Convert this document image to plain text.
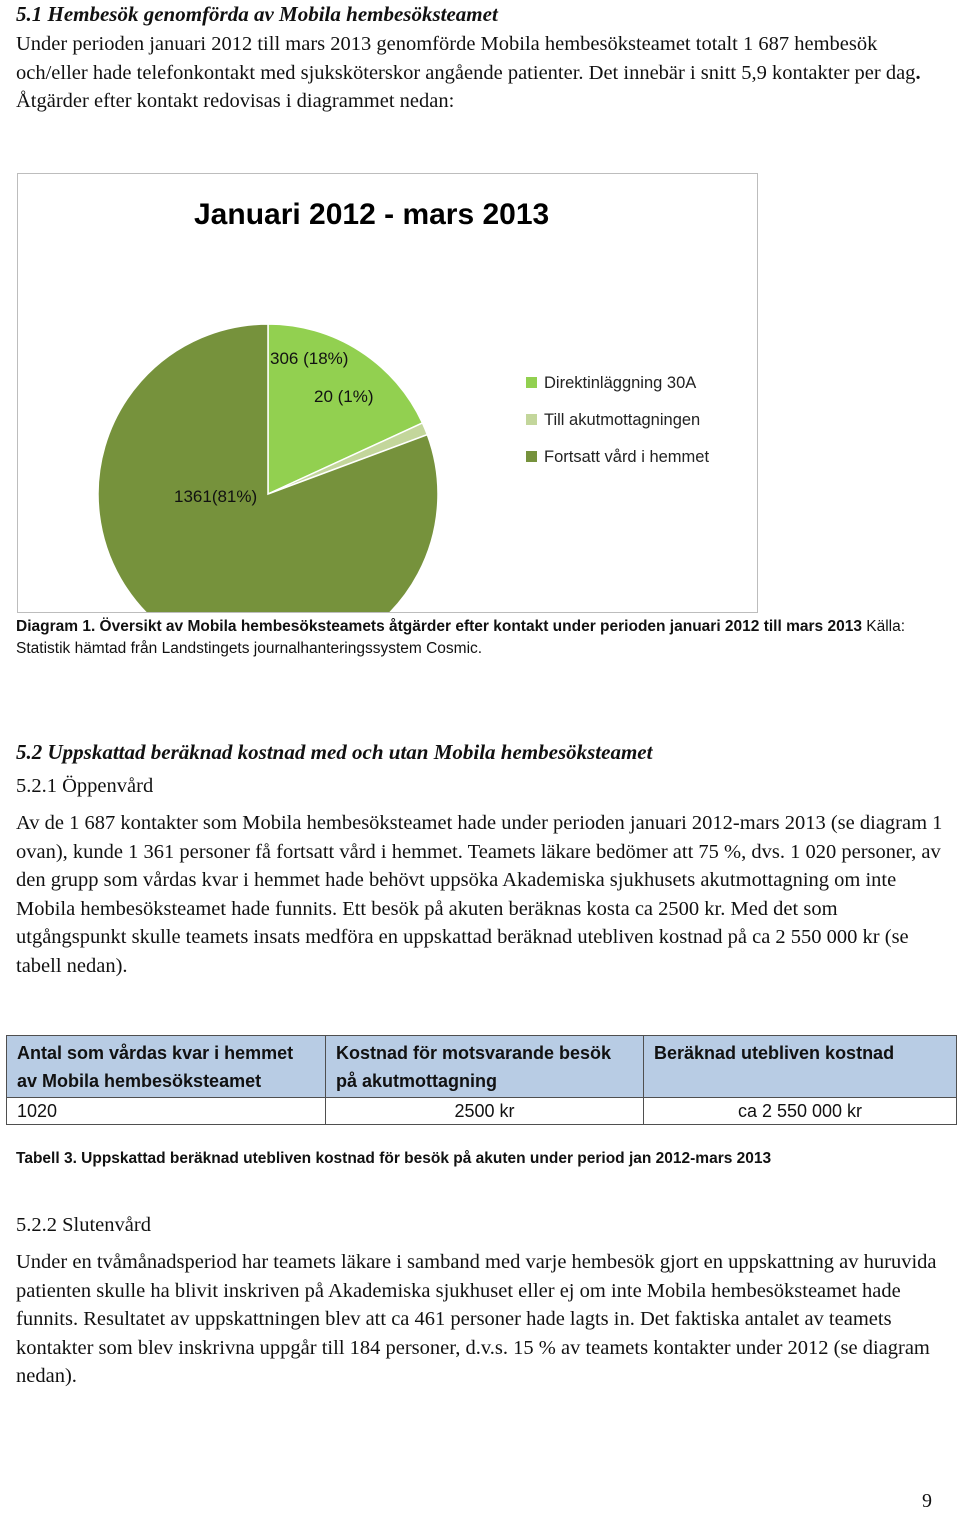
5.1 Hembesök genomförda av Mobila hembesöksteamet
Under perioden januari 2012 till mars 2013 genomförde Mobila hembesöksteamet totalt 1 687 hembesök och/eller hade telefonkontakt med sjuksköterskor angående patienter. Det innebär i snitt 5,9 kontakter per dag. Åtgärder efter kontakt redovisas i diagrammet nedan:
Januari 2012 - mars 2013
306 (18%)
20 (1%)
1361(81%)
Direktinläggning 30A
Till akutmottagningen
Fortsatt vård i hemmet
Diagram 1. Översikt av Mobila hembesöksteamets åtgärder efter kontakt under perioden januari 2012 till mars 2013 Källa: Statistik hämtad från Landstingets journalhanteringssystem Cosmic.
5.2 Uppskattad beräknad kostnad med och utan Mobila hembesöksteamet
5.2.1 Öppenvård
Av de 1 687 kontakter som Mobila hembesöksteamet hade under perioden januari 2012-mars 2013 (se diagram 1 ovan), kunde 1 361 personer få fortsatt vård i hemmet. Teamets läkare bedömer att 75 %, dvs. 1 020 personer, av den grupp som vårdas kvar i hemmet hade behövt uppsöka Akademiska sjukhusets akutmottagning om inte Mobila hembesöksteamet hade funnits. Ett besök på akuten beräknas kosta ca 2500 kr. Med det som utgångspunkt skulle teamets insats medföra en uppskattad beräknad utebliven kostnad på ca 2 550 000 kr (se tabell nedan).
Antal som vårdas kvar i hemmet av Mobila hembesöksteamet	Kostnad för motsvarande besök på akutmottagning	Beräknad utebliven kostnad
1020	2500 kr	ca 2 550 000 kr
Tabell 3. Uppskattad beräknad utebliven kostnad för besök på akuten under period jan 2012-mars 2013
5.2.2 Slutenvård
Under en tvåmånadsperiod har teamets läkare i samband med varje hembesök gjort en uppskattning av huruvida patienten skulle ha blivit inskriven på Akademiska sjukhuset eller ej om inte Mobila hembesöksteamet hade funnits. Resultatet av uppskattningen blev att ca 461 personer hade lagts in. Det faktiska antalet av teamets kontakter som blev inskrivna uppgår till 184 personer, d.v.s. 15 % av teamets kontakter under 2012 (se diagram nedan).
9
